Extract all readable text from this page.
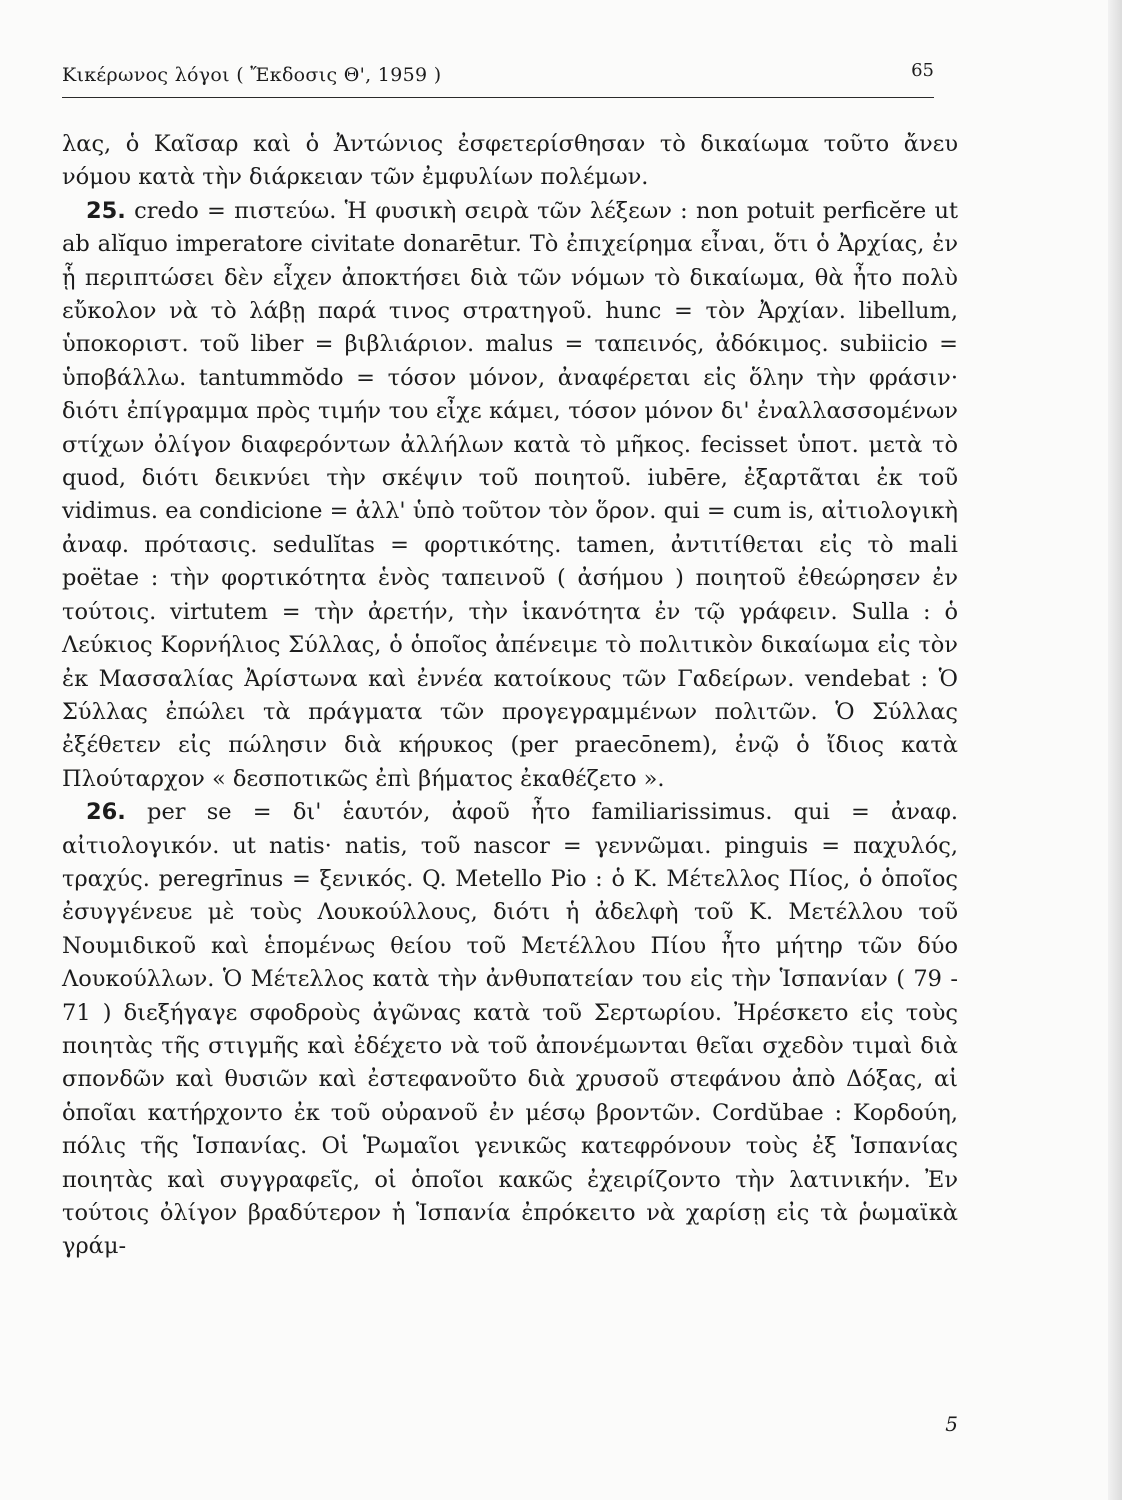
Κικέρωνος λόγοι ( Ἔκδοσις Θ', 1959 )	65

λας, ὁ Καῖσαρ καὶ ὁ Ἀντώνιος ἐσφετερίσθησαν τὸ δικαίωμα τοῦτο ἄνευ νόμου κατὰ τὴν διάρκειαν τῶν ἐμφυλίων πολέμων.

25. credo = πιστεύω. Ἡ φυσικὴ σειρὰ τῶν λέξεων : non potuit perficĕre ut ab alĭquo imperatore civitate donarētur. Τὸ ἐπιχείρημα εἶναι, ὅτι ὁ Ἀρχίας, ἐν ᾗ περιπτώσει δὲν εἶχεν ἀποκτήσει διὰ τῶν νόμων τὸ δικαίωμα, θὰ ἦτο πολὺ εὔκολον νὰ τὸ λάβῃ παρά τινος στρατηγοῦ. hunc = τὸν Ἀρχίαν. libellum, ὑποκοριστ. τοῦ liber = βιβλιάριον. malus = ταπεινός, ἀδόκιμος. subiicio = ὑποβάλλω. tantummŏdo = τόσον μόνον, ἀναφέρεται εἰς ὅλην τὴν φράσιν· διότι ἐπίγραμμα πρὸς τιμήν του εἶχε κάμει, τόσον μόνον δι' ἐναλλασσομένων στίχων ὀλίγον διαφερόντων ἀλλήλων κατὰ τὸ μῆκος. fecisset ὑποτ. μετὰ τὸ quod, διότι δεικνύει τὴν σκέψιν τοῦ ποιητοῦ. iubēre, ἐξαρτᾶται ἐκ τοῦ vidimus. ea condicione = ἀλλ' ὑπὸ τοῦτον τὸν ὅρον. qui = cum is, αἰτιολογικὴ ἀναφ. πρότασις. sedulĭtas = φορτικότης. tamen, ἀντιτίθεται εἰς τὸ mali poëtae : τὴν φορτικότητα ἑνὸς ταπεινοῦ ( ἀσήμου ) ποιητοῦ ἐθεώρησεν ἐν τούτοις. virtutem = τὴν ἀρετήν, τὴν ἱκανότητα ἐν τῷ γράφειν. Sulla : ὁ Λεύκιος Κορνήλιος Σύλλας, ὁ ὁποῖος ἀπένειμε τὸ πολιτικὸν δικαίωμα εἰς τὸν ἐκ Μασσαλίας Ἀρίστωνα καὶ ἐννέα κατοίκους τῶν Γαδείρων. vendebat : Ὁ Σύλλας ἐπώλει τὰ πράγματα τῶν προγεγραμμένων πολιτῶν. Ὁ Σύλλας ἐξέθετεν εἰς πώλησιν διὰ κήρυκος (per praecōnem), ἐνῷ ὁ ἴδιος κατὰ Πλούταρχον « δεσποτικῶς ἐπὶ βήματος ἐκαθέζετο ».

26. per se = δι' ἑαυτόν, ἀφοῦ ἦτο familiarissimus. qui = ἀναφ. αἰτιολογικόν. ut natis· natis, τοῦ nascor = γεννῶμαι. pinguis = παχυλός, τραχύς. peregrīnus = ξενικός. Q. Metello Pio : ὁ Κ. Μέτελλος Πίος, ὁ ὁποῖος ἐσυγγένευε μὲ τοὺς Λουκούλλους, διότι ἡ ἀδελφὴ τοῦ Κ. Μετέλλου τοῦ Νουμιδικοῦ καὶ ἑπομένως θείου τοῦ Μετέλλου Πίου ἦτο μήτηρ τῶν δύο Λουκούλλων. Ὁ Μέτελλος κατὰ τὴν ἀνθυπατείαν του εἰς τὴν Ἱσπανίαν ( 79 - 71 ) διεξήγαγε σφοδροὺς ἀγῶνας κατὰ τοῦ Σερτωρίου. Ἠρέσκετο εἰς τοὺς ποιητὰς τῆς στιγμῆς καὶ ἐδέχετο νὰ τοῦ ἀπονέμωνται θεῖαι σχεδὸν τιμαὶ διὰ σπονδῶν καὶ θυσιῶν καὶ ἐστεφανοῦτο διὰ χρυσοῦ στεφάνου ἀπὸ Δόξας, αἱ ὁποῖαι κατήρχοντο ἐκ τοῦ οὐρανοῦ ἐν μέσῳ βροντῶν. Cordŭbae : Κορδούη, πόλις τῆς Ἱσπανίας. Οἱ Ῥωμαῖοι γενικῶς κατεφρόνουν τοὺς ἐξ Ἱσπανίας ποιητὰς καὶ συγγραφεῖς, οἱ ὁποῖοι κακῶς ἐχειρίζοντο τὴν λατινικήν. Ἐν τούτοις ὀλίγον βραδύτερον ἡ Ἱσπανία ἐπρόκειτο νὰ χαρίσῃ εἰς τὰ ῥωμαϊκὰ γράμ-

5
